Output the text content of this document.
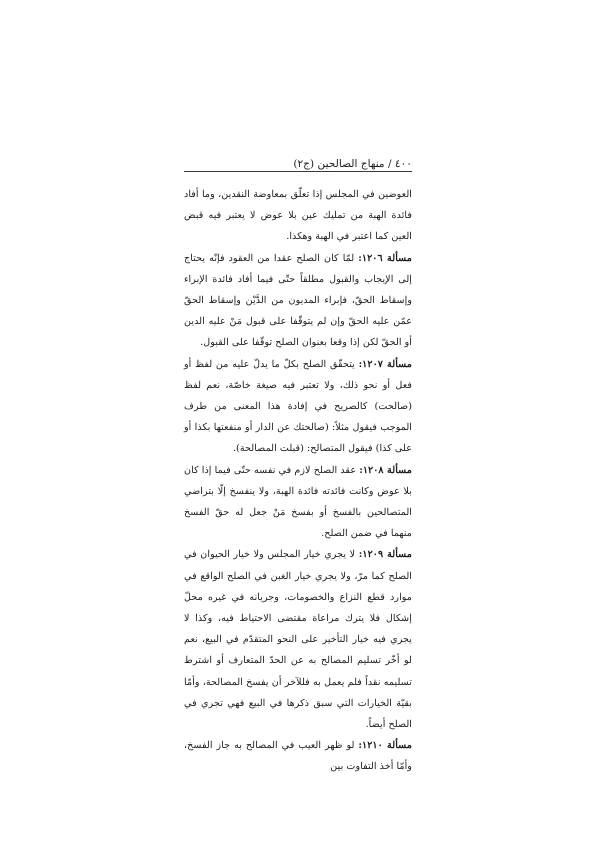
٤٠٠ / منهاج الصالحين (ج٢)

العوضين في المجلس إذا تعلّق بمعاوضة النقدين، وما أفاد فائدة الهبة من تمليك عين بلا عوض لا يعتبر فيه قبض العين كما اعتبر في الهبة وهكذا.

مسألة ١٢٠٦: لمّا كان الصلح عقدا من العقود فإنّه يحتاج إلى الإيجاب والقبول مطلقاً حتّى فيما أفاد فائدة الإبراء وإسقاط الحقّ، فإبراء المديون من الدَّيْن وإسقاط الحقّ عمّن عليه الحقّ وإن لم يتوقّفا على قبول مَنْ عليه الدين أو الحقّ لكن إذا وقعا بعنوان الصلح توقّفا على القبول.

مسألة ١٢٠٧: يتحقّق الصلح بكلّ ما يدلّ عليه من لفظ أو فعل أو نحو ذلك، ولا تعتبر فيه صيغة خاصّة، نعم لفظ (صالحت) كالصريح في إفادة هذا المعنى من طرف الموجب فيقول مثلاً: (صالحتك عن الدار أو منفعتها بكذا أو على كذا) فيقول المتصالح: (قبلت المصالحة).

مسألة ١٢٠٨: عقد الصلح لازم في نفسه حتّى فيما إذا كان بلا عوض وكانت فائدته فائدة الهبة، ولا ينفسخ إلّا بتراضي المتصالحين بالفسخ أو بفسخ مَنْ جعل له حقّ الفسخ منهما في ضمن الصلح.

مسألة ١٢٠٩: لا يجري خيار المجلس ولا خيار الحيوان في الصلح كما مرّ، ولا يجري خيار الغبن في الصلح الواقع في موارد قطع النزاع والخصومات، وجريانه في غيره محلّ إشكال فلا يترك مراعاة مقتضى الاحتياط فيه، وكذا لا يجري فيه خيار التأخير على النحو المتقدّم في البيع، نعم لو أخّر تسليم المصالح به عن الحدّ المتعارف أو اشترط تسليمه نقداً فلم يعمل به فللآخر أن يفسخ المصالحة، وأمّا بقيّة الخيارات التي سبق ذكرها في البيع فهي تجري في الصلح أيضاً.

مسألة ١٢١٠: لو ظهر العيب في المصالح به جاز الفسخ، وأمّا أخذ التفاوت بين
